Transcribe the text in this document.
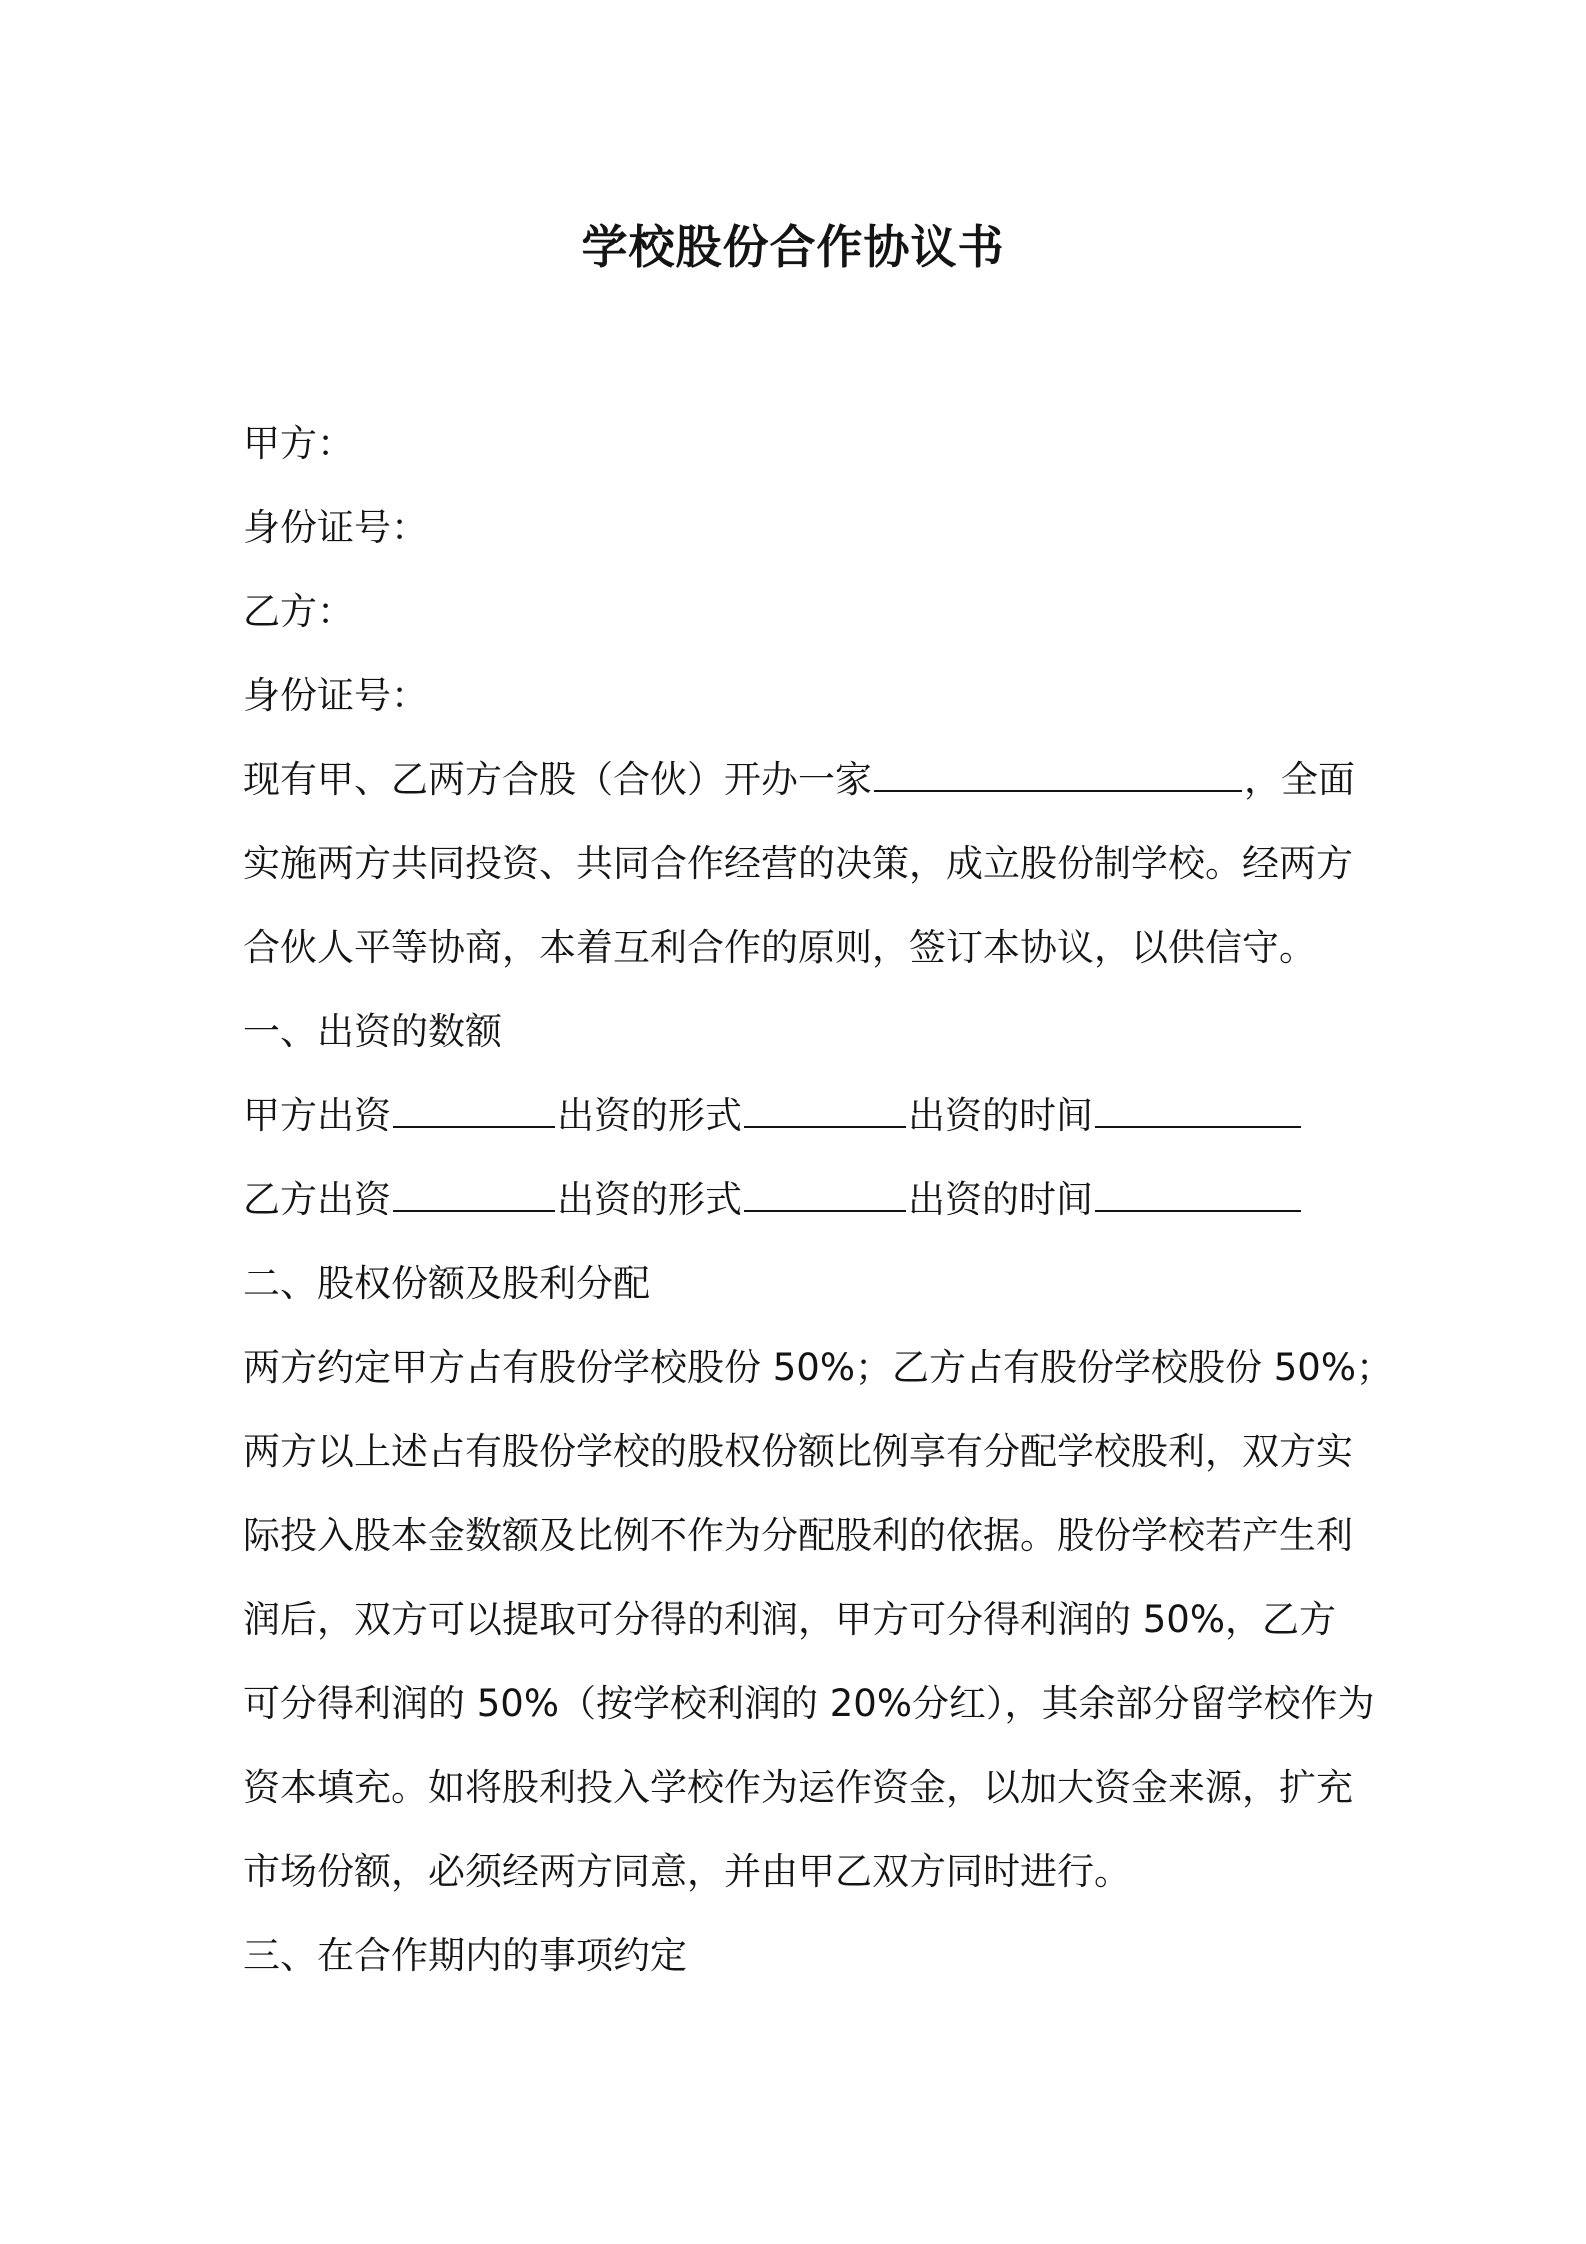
学校股份合作协议书
甲方：
身份证号：
乙方：
身份证号：
现有甲、乙两方合股（合伙）开办一家	，全面
实施两方共同投资、共同合作经营的决策，成立股份制学校。经两方
合伙人平等协商，本着互利合作的原则，签订本协议，以供信守。
一、出资的数额
甲方出资	出资的形式	出资的时间
乙方出资	出资的形式	出资的时间
二、股权份额及股利分配
两方约定甲方占有股份学校股份 50%；乙方占有股份学校股份 50%；
两方以上述占有股份学校的股权份额比例享有分配学校股利，双方实
际投入股本金数额及比例不作为分配股利的依据。股份学校若产生利
润后，双方可以提取可分得的利润，甲方可分得利润的 50%，乙方
可分得利润的 50%（按学校利润的 20%分红），其余部分留学校作为
资本填充。如将股利投入学校作为运作资金，以加大资金来源，扩充
市场份额，必须经两方同意，并由甲乙双方同时进行。
三、在合作期内的事项约定
